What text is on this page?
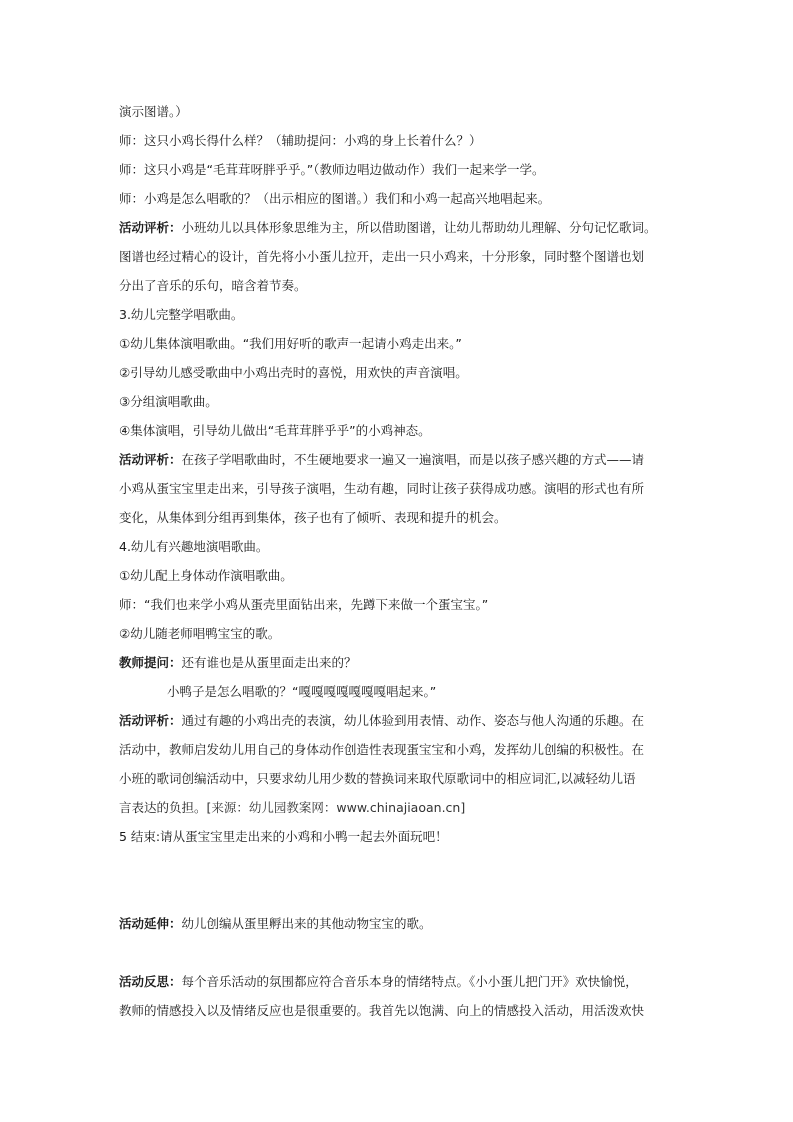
演示图谱。）
师：这只小鸡长得什么样？（辅助提问：小鸡的身上长着什么？）
师：这只小鸡是“毛茸茸呀胖乎乎。”（教师边唱边做动作）我们一起来学一学。
师：小鸡是怎么唱歌的？（出示相应的图谱。）我们和小鸡一起高兴地唱起来。
活动评析：小班幼儿以具体形象思维为主，所以借助图谱，让幼儿帮助幼儿理解、分句记忆歌词。
图谱也经过精心的设计，首先将小小蛋儿拉开，走出一只小鸡来，十分形象，同时整个图谱也划
分出了音乐的乐句，暗含着节奏。
3.幼儿完整学唱歌曲。
①幼儿集体演唱歌曲。“我们用好听的歌声一起请小鸡走出来。”
②引导幼儿感受歌曲中小鸡出壳时的喜悦，用欢快的声音演唱。
③分组演唱歌曲。
④集体演唱，引导幼儿做出“毛茸茸胖乎乎”的小鸡神态。
活动评析：在孩子学唱歌曲时，不生硬地要求一遍又一遍演唱，而是以孩子感兴趣的方式——请
小鸡从蛋宝宝里走出来，引导孩子演唱，生动有趣，同时让孩子获得成功感。演唱的形式也有所
变化，从集体到分组再到集体，孩子也有了倾听、表现和提升的机会。
4.幼儿有兴趣地演唱歌曲。
①幼儿配上身体动作演唱歌曲。
师：“我们也来学小鸡从蛋壳里面钻出来，先蹲下来做一个蛋宝宝。”
②幼儿随老师唱鸭宝宝的歌。
教师提问：还有谁也是从蛋里面走出来的？
小鸭子是怎么唱歌的？“嘎嘎嘎嘎嘎嘎嘎唱起来。”
活动评析：通过有趣的小鸡出壳的表演，幼儿体验到用表情、动作、姿态与他人沟通的乐趣。在
活动中，教师启发幼儿用自己的身体动作创造性表现蛋宝宝和小鸡，发挥幼儿创编的积极性。在
小班的歌词创编活动中，只要求幼儿用少数的替换词来取代原歌词中的相应词汇,以减轻幼儿语
言表达的负担。[来源：幼儿园教案网：www.chinajiaoan.cn]
5 结束:请从蛋宝宝里走出来的小鸡和小鸭一起去外面玩吧！
活动延伸：幼儿创编从蛋里孵出来的其他动物宝宝的歌。
活动反思：每个音乐活动的氛围都应符合音乐本身的情绪特点。《小小蛋儿把门开》欢快愉悦，
教师的情感投入以及情绪反应也是很重要的。我首先以饱满、向上的情感投入活动，用活泼欢快
